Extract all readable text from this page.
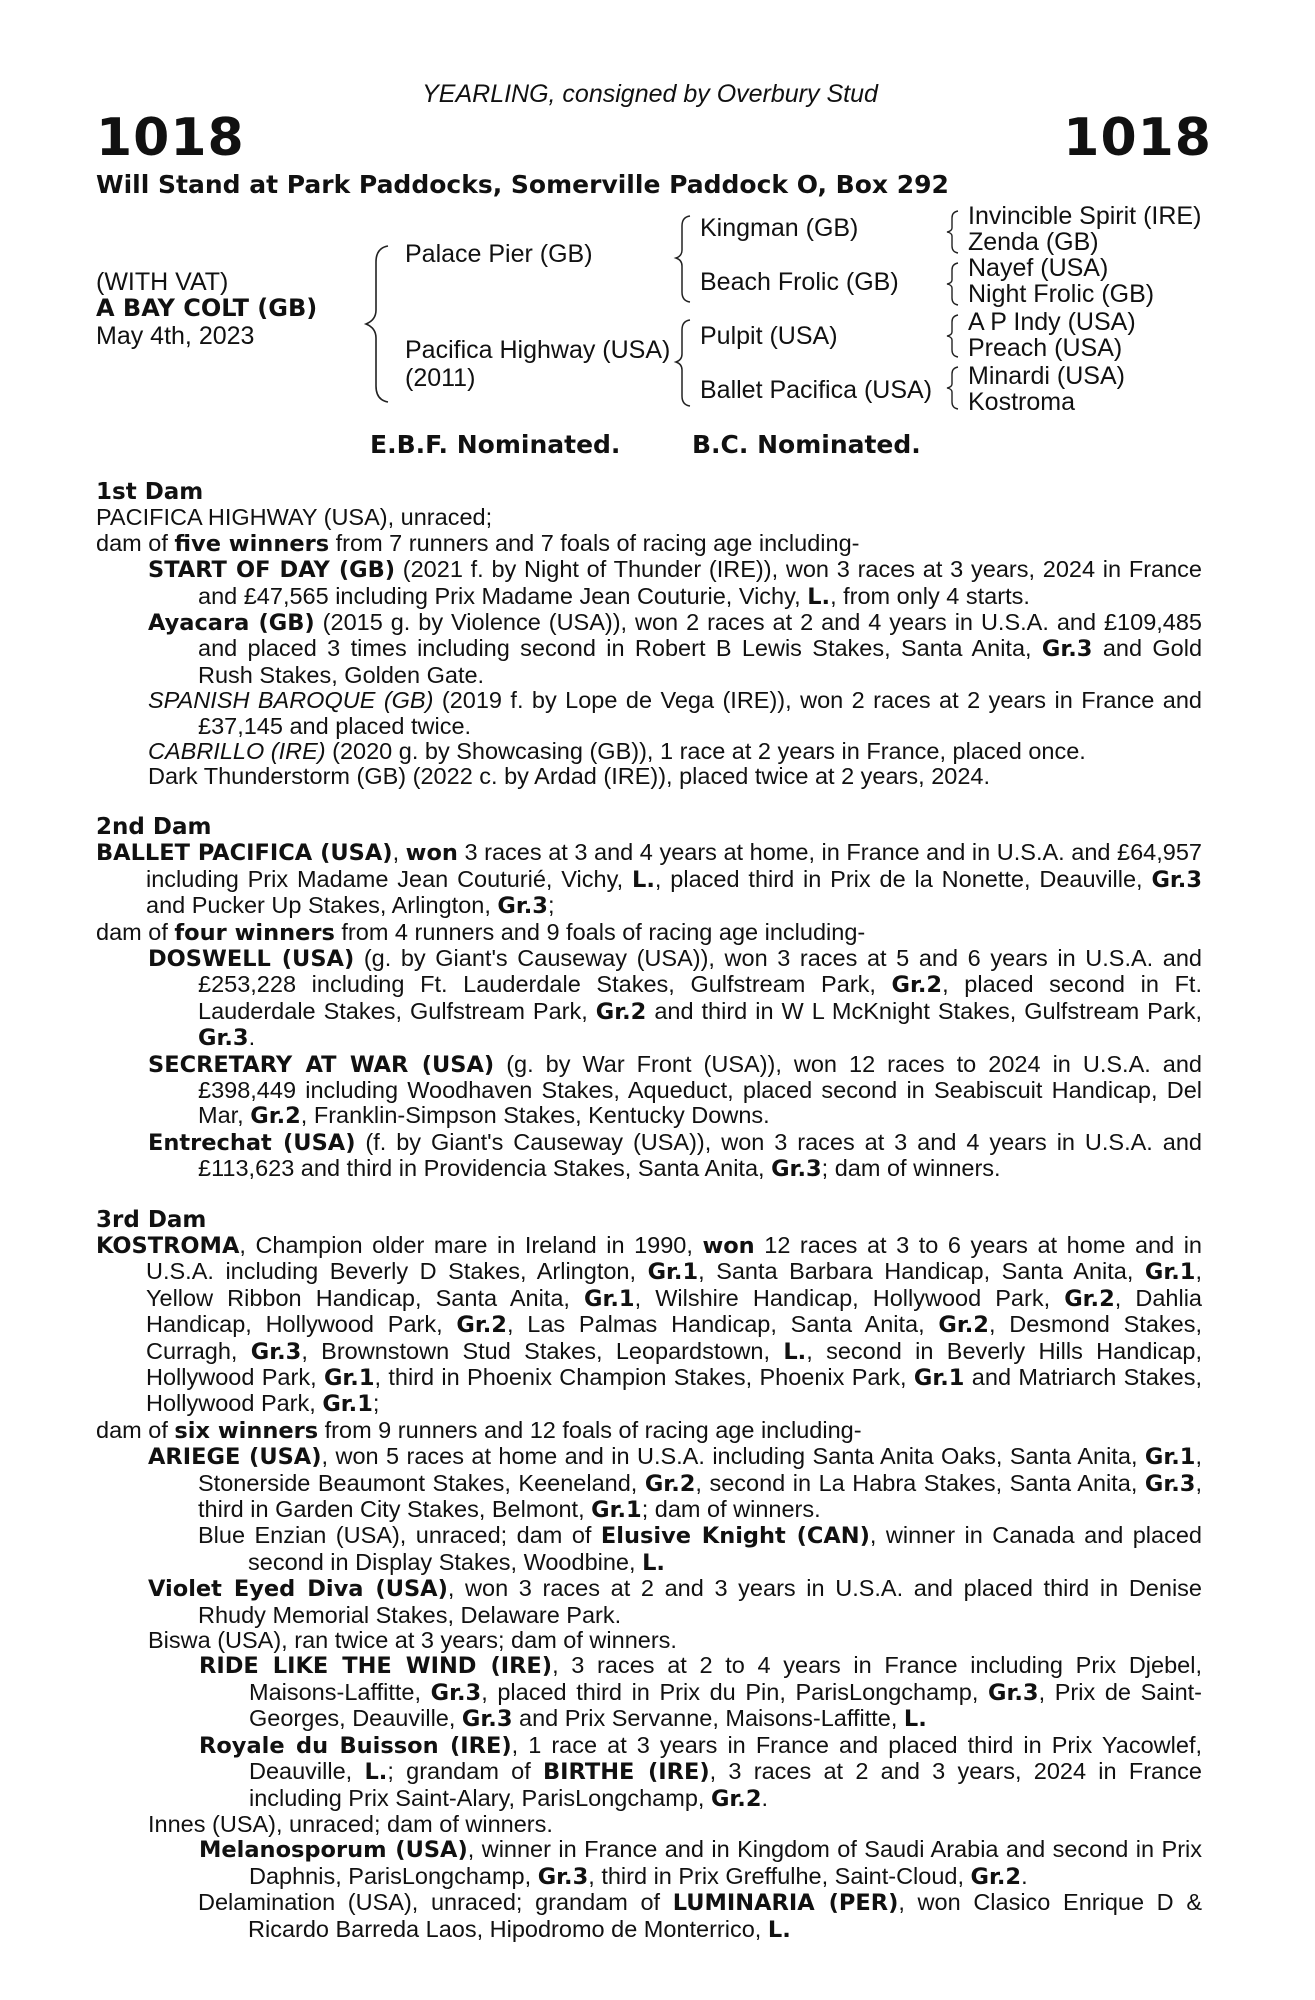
YEARLING, consigned by Overbury Stud
1018	1018
Will Stand at Park Paddocks, Somerville Paddock O, Box 292
(WITH VAT)
A BAY COLT (GB)
May 4th, 2023
Palace Pier (GB)
Pacifica Highway (USA)
(2011)
Kingman (GB)
Beach Frolic (GB)
Pulpit (USA)
Ballet Pacifica (USA)
Invincible Spirit (IRE)
Zenda (GB)
Nayef (USA)
Night Frolic (GB)
A P Indy (USA)
Preach (USA)
Minardi (USA)
Kostroma
E.B.F. Nominated.	B.C. Nominated.

1st Dam

PACIFICA HIGHWAY (USA), unraced;

dam of five winners from 7 runners and 7 foals of racing age including-

START OF DAY (GB) (2021 f. by Night of Thunder (IRE)), won 3 races at 3 years, 2024 in France and £47,565 including Prix Madame Jean Couturie, Vichy, L., from only 4 starts.

Ayacara (GB) (2015 g. by Violence (USA)), won 2 races at 2 and 4 years in U.S.A. and £109,485 and placed 3 times including second in Robert B Lewis Stakes, Santa Anita, Gr.3 and Gold Rush Stakes, Golden Gate.

SPANISH BAROQUE (GB) (2019 f. by Lope de Vega (IRE)), won 2 races at 2 years in France and £37,145 and placed twice.

CABRILLO (IRE) (2020 g. by Showcasing (GB)), 1 race at 2 years in France, placed once.

Dark Thunderstorm (GB) (2022 c. by Ardad (IRE)), placed twice at 2 years, 2024.

2nd Dam

BALLET PACIFICA (USA), won 3 races at 3 and 4 years at home, in France and in U.S.A. and £64,957 including Prix Madame Jean Couturié, Vichy, L., placed third in Prix de la Nonette, Deauville, Gr.3 and Pucker Up Stakes, Arlington, Gr.3;

dam of four winners from 4 runners and 9 foals of racing age including-

DOSWELL (USA) (g. by Giant's Causeway (USA)), won 3 races at 5 and 6 years in U.S.A. and £253,228 including Ft. Lauderdale Stakes, Gulfstream Park, Gr.2, placed second in Ft. Lauderdale Stakes, Gulfstream Park, Gr.2 and third in W L McKnight Stakes, Gulfstream Park, Gr.3.

SECRETARY AT WAR (USA) (g. by War Front (USA)), won 12 races to 2024 in U.S.A. and £398,449 including Woodhaven Stakes, Aqueduct, placed second in Seabiscuit Handicap, Del Mar, Gr.2, Franklin-Simpson Stakes, Kentucky Downs.

Entrechat (USA) (f. by Giant's Causeway (USA)), won 3 races at 3 and 4 years in U.S.A. and £113,623 and third in Providencia Stakes, Santa Anita, Gr.3; dam of winners.

3rd Dam

KOSTROMA, Champion older mare in Ireland in 1990, won 12 races at 3 to 6 years at home and in U.S.A. including Beverly D Stakes, Arlington, Gr.1, Santa Barbara Handicap, Santa Anita, Gr.1, Yellow Ribbon Handicap, Santa Anita, Gr.1, Wilshire Handicap, Hollywood Park, Gr.2, Dahlia Handicap, Hollywood Park, Gr.2, Las Palmas Handicap, Santa Anita, Gr.2, Desmond Stakes, Curragh, Gr.3, Brownstown Stud Stakes, Leopardstown, L., second in Beverly Hills Handicap, Hollywood Park, Gr.1, third in Phoenix Champion Stakes, Phoenix Park, Gr.1 and Matriarch Stakes, Hollywood Park, Gr.1;

dam of six winners from 9 runners and 12 foals of racing age including-

ARIEGE (USA), won 5 races at home and in U.S.A. including Santa Anita Oaks, Santa Anita, Gr.1, Stonerside Beaumont Stakes, Keeneland, Gr.2, second in La Habra Stakes, Santa Anita, Gr.3, third in Garden City Stakes, Belmont, Gr.1; dam of winners.

Blue Enzian (USA), unraced; dam of Elusive Knight (CAN), winner in Canada and placed second in Display Stakes, Woodbine, L.

Violet Eyed Diva (USA), won 3 races at 2 and 3 years in U.S.A. and placed third in Denise Rhudy Memorial Stakes, Delaware Park.

Biswa (USA), ran twice at 3 years; dam of winners.

RIDE LIKE THE WIND (IRE), 3 races at 2 to 4 years in France including Prix Djebel, Maisons-Laffitte, Gr.3, placed third in Prix du Pin, ParisLongchamp, Gr.3, Prix de Saint-Georges, Deauville, Gr.3 and Prix Servanne, Maisons-Laffitte, L.

Royale du Buisson (IRE), 1 race at 3 years in France and placed third in Prix Yacowlef, Deauville, L.; grandam of BIRTHE (IRE), 3 races at 2 and 3 years, 2024 in France including Prix Saint-Alary, ParisLongchamp, Gr.2.

Innes (USA), unraced; dam of winners.

Melanosporum (USA), winner in France and in Kingdom of Saudi Arabia and second in Prix Daphnis, ParisLongchamp, Gr.3, third in Prix Greffulhe, Saint-Cloud, Gr.2.

Delamination (USA), unraced; grandam of LUMINARIA (PER), won Clasico Enrique D & Ricardo Barreda Laos, Hipodromo de Monterrico, L.
